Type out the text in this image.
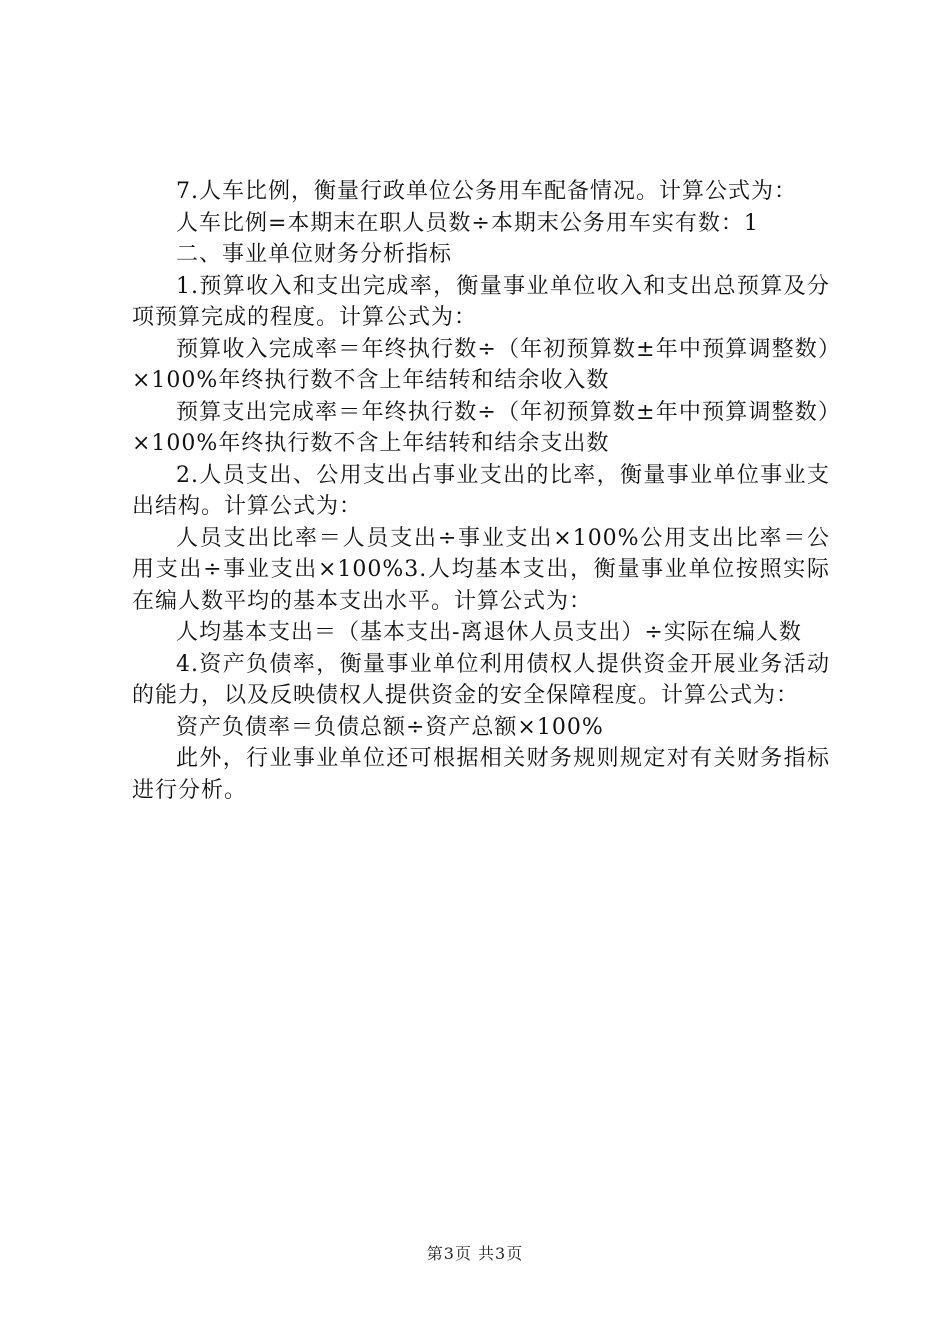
7.人车比例，衡量行政单位公务用车配备情况。计算公式为：

人车比例=本期末在职人员数÷本期末公务用车实有数：1

二、事业单位财务分析指标

1.预算收入和支出完成率，衡量事业单位收入和支出总预算及分项预算完成的程度。计算公式为：

预算收入完成率＝年终执行数÷（年初预算数±年中预算调整数）×100%年终执行数不含上年结转和结余收入数

预算支出完成率＝年终执行数÷（年初预算数±年中预算调整数）×100%年终执行数不含上年结转和结余支出数

2.人员支出、公用支出占事业支出的比率，衡量事业单位事业支出结构。计算公式为：

人员支出比率＝人员支出÷事业支出×100%公用支出比率＝公用支出÷事业支出×100%3.人均基本支出，衡量事业单位按照实际在编人数平均的基本支出水平。计算公式为：

人均基本支出＝（基本支出-离退休人员支出）÷实际在编人数

4.资产负债率，衡量事业单位利用债权人提供资金开展业务活动的能力，以及反映债权人提供资金的安全保障程度。计算公式为：

资产负债率＝负债总额÷资产总额×100%

此外，行业事业单位还可根据相关财务规则规定对有关财务指标进行分析。

第3页 共3页
